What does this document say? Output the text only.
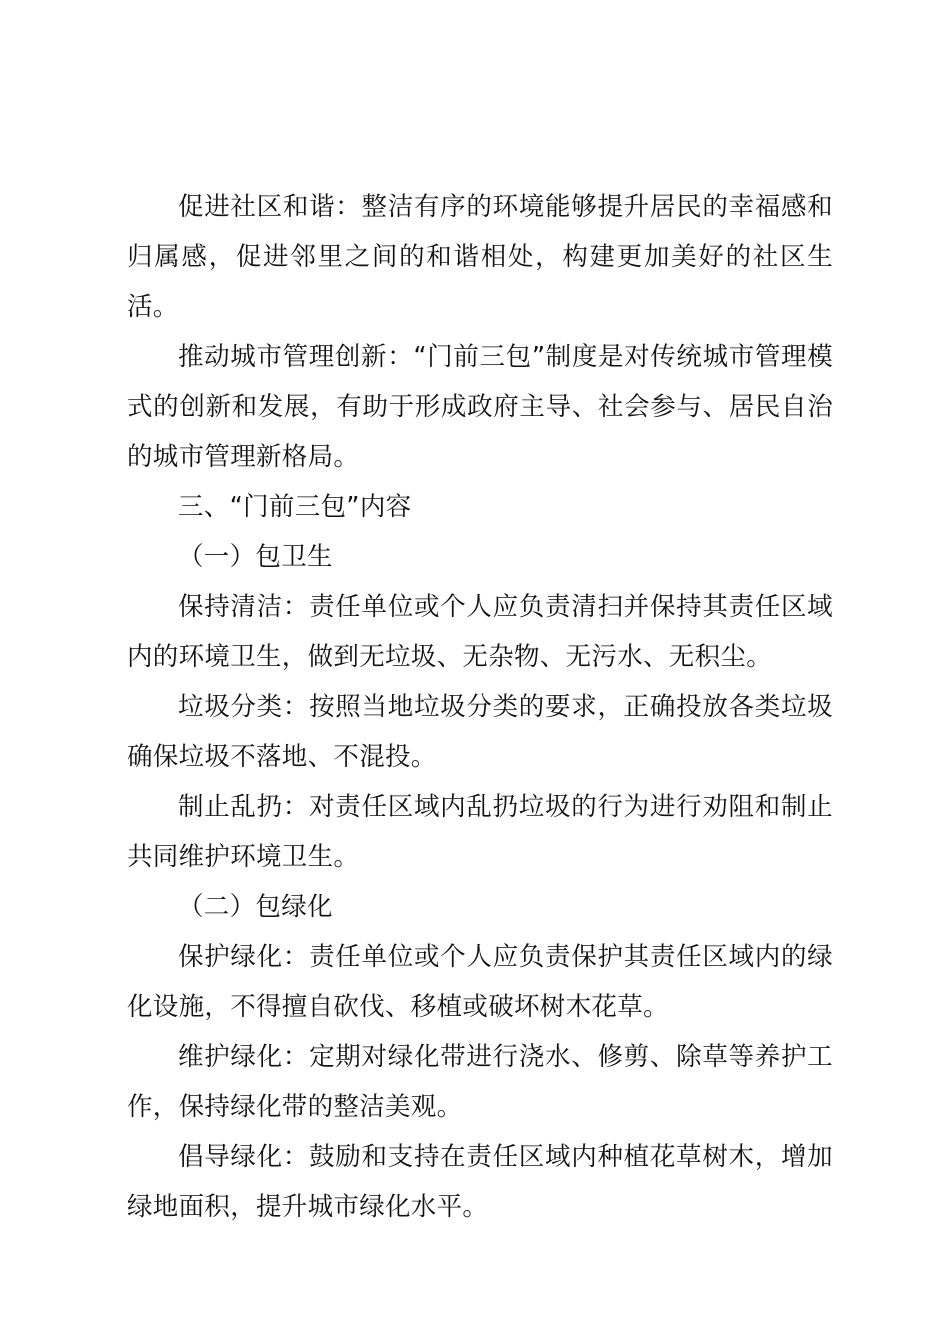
促进社区和谐：整洁有序的环境能够提升居民的幸福感和归属感，促进邻里之间的和谐相处，构建更加美好的社区生活。

推动城市管理创新：“门前三包”制度是对传统城市管理模式的创新和发展，有助于形成政府主导、社会参与、居民自治的城市管理新格局。

三、“门前三包”内容

（一）包卫生

保持清洁：责任单位或个人应负责清扫并保持其责任区域内的环境卫生，做到无垃圾、无杂物、无污水、无积尘。

垃圾分类：按照当地垃圾分类的要求，正确投放各类垃圾确保垃圾不落地、不混投。

制止乱扔：对责任区域内乱扔垃圾的行为进行劝阻和制止共同维护环境卫生。

（二）包绿化

保护绿化：责任单位或个人应负责保护其责任区域内的绿化设施，不得擅自砍伐、移植或破坏树木花草。

维护绿化：定期对绿化带进行浇水、修剪、除草等养护工作，保持绿化带的整洁美观。

倡导绿化：鼓励和支持在责任区域内种植花草树木，增加绿地面积，提升城市绿化水平。
